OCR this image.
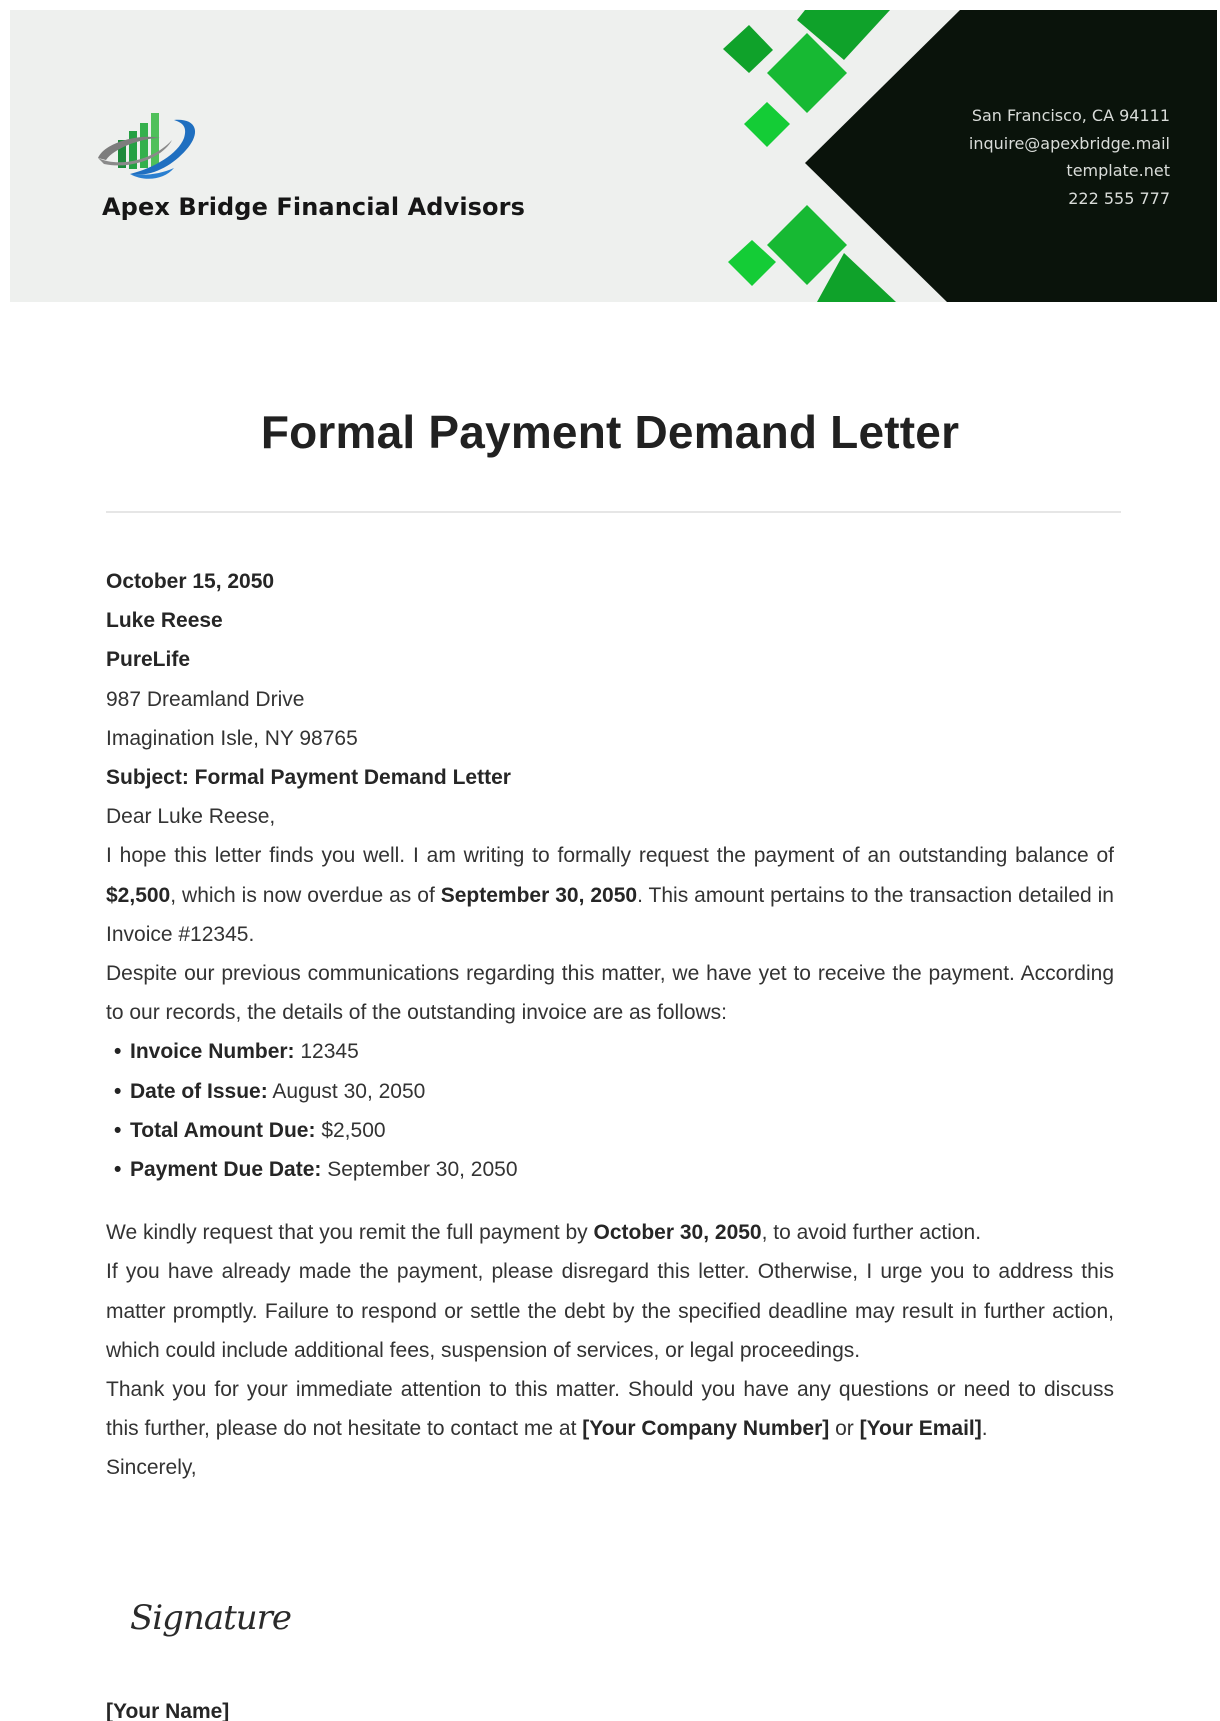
Apex Bridge Financial Advisors
San Francisco, CA 94111
inquire@apexbridge.mail
template.net
222 555 777
Formal Payment Demand Letter
October 15, 2050
Luke Reese
PureLife
987 Dreamland Drive
Imagination Isle, NY 98765
Subject: Formal Payment Demand Letter
Dear Luke Reese,

I hope this letter finds you well. I am writing to formally request the payment of an outstanding balance of $2,500, which is now overdue as of September 30, 2050. This amount pertains to the transaction detailed in Invoice #12345.

Despite our previous communications regarding this matter, we have yet to receive the payment. According to our records, the details of the outstanding invoice are as follows:

• Invoice Number: 12345
• Date of Issue: August 30, 2050
• Total Amount Due: $2,500
• Payment Due Date: September 30, 2050

We kindly request that you remit the full payment by October 30, 2050, to avoid further action.

If you have already made the payment, please disregard this letter. Otherwise, I urge you to address this matter promptly. Failure to respond or settle the debt by the specified deadline may result in further action, which could include additional fees, suspension of services, or legal proceedings.

Thank you for your immediate attention to this matter. Should you have any questions or need to discuss this further, please do not hesitate to contact me at [Your Company Number] or [Your Email].

Sincerely,
Signature
[Your Name]
